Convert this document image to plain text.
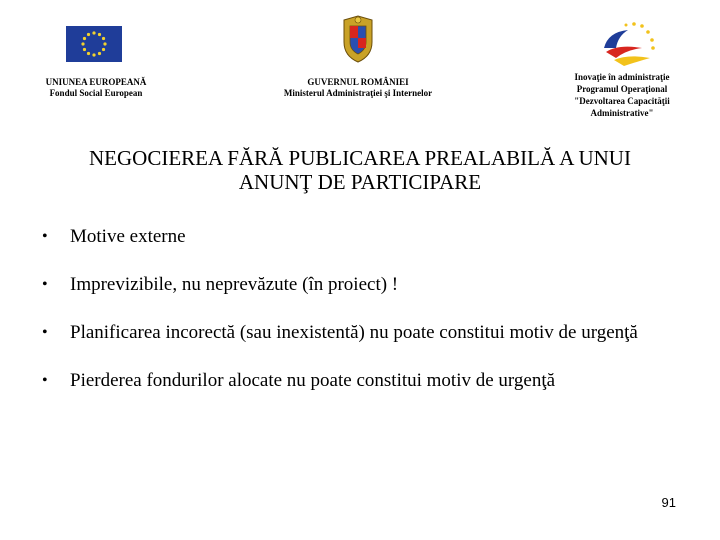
UNIUNEA EUROPEANĂ
Fondul Social European
GUVERNUL ROMÂNIEI
Ministerul Administraţiei şi Internelor
Inovaţie în administraţie
Programul Operaţional
"Dezvoltarea Capacităţii
Administrative"
NEGOCIEREA FĂRĂ PUBLICAREA PREALABILĂ A UNUI
ANUNŢ DE PARTICIPARE
• Motive externe
• Imprevizibile, nu neprevăzute (în proiect) !
• Planificarea incorectă (sau inexistentă) nu poate constitui motiv de urgenţă
• Pierderea fondurilor alocate nu poate constitui motiv de urgenţă
91
